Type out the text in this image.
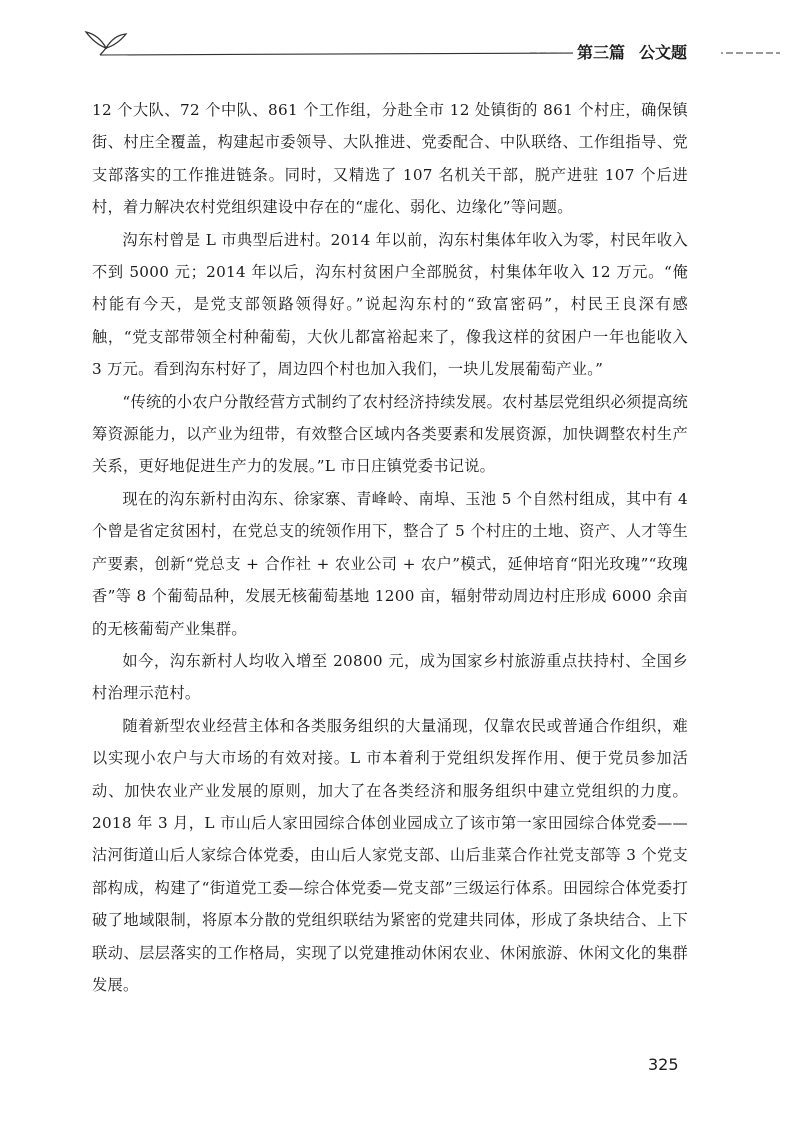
第三篇 公文题

12 个大队、72 个中队、861 个工作组，分赴全市 12 处镇街的 861 个村庄，确保镇街、村庄全覆盖，构建起市委领导、大队推进、党委配合、中队联络、工作组指导、党支部落实的工作推进链条。同时，又精选了 107 名机关干部，脱产进驻 107 个后进村，着力解决农村党组织建设中存在的“虚化、弱化、边缘化”等问题。

沟东村曾是 L 市典型后进村。2014 年以前，沟东村集体年收入为零，村民年收入不到 5000 元；2014 年以后，沟东村贫困户全部脱贫，村集体年收入 12 万元。“俺村能有今天，是党支部领路领得好。”说起沟东村的“致富密码”，村民王良深有感触，“党支部带领全村种葡萄，大伙儿都富裕起来了，像我这样的贫困户一年也能收入 3 万元。看到沟东村好了，周边四个村也加入我们，一块儿发展葡萄产业。”

“传统的小农户分散经营方式制约了农村经济持续发展。农村基层党组织必须提高统筹资源能力，以产业为纽带，有效整合区域内各类要素和发展资源，加快调整农村生产关系，更好地促进生产力的发展。”L 市日庄镇党委书记说。

现在的沟东新村由沟东、徐家寨、青峰岭、南埠、玉池 5 个自然村组成，其中有 4 个曾是省定贫困村，在党总支的统领作用下，整合了 5 个村庄的土地、资产、人才等生产要素，创新“党总支 + 合作社 + 农业公司 + 农户”模式，延伸培育“阳光玫瑰”“玫瑰香”等 8 个葡萄品种，发展无核葡萄基地 1200 亩，辐射带动周边村庄形成 6000 余亩的无核葡萄产业集群。

如今，沟东新村人均收入增至 20800 元，成为国家乡村旅游重点扶持村、全国乡村治理示范村。

随着新型农业经营主体和各类服务组织的大量涌现，仅靠农民或普通合作组织，难以实现小农户与大市场的有效对接。L 市本着利于党组织发挥作用、便于党员参加活动、加快农业产业发展的原则，加大了在各类经济和服务组织中建立党组织的力度。2018 年 3 月，L 市山后人家田园综合体创业园成立了该市第一家田园综合体党委——沽河街道山后人家综合体党委，由山后人家党支部、山后韭菜合作社党支部等 3 个党支部构成，构建了“街道党工委—综合体党委—党支部”三级运行体系。田园综合体党委打破了地域限制，将原本分散的党组织联结为紧密的党建共同体，形成了条块结合、上下联动、层层落实的工作格局，实现了以党建推动休闲农业、休闲旅游、休闲文化的集群发展。

325
